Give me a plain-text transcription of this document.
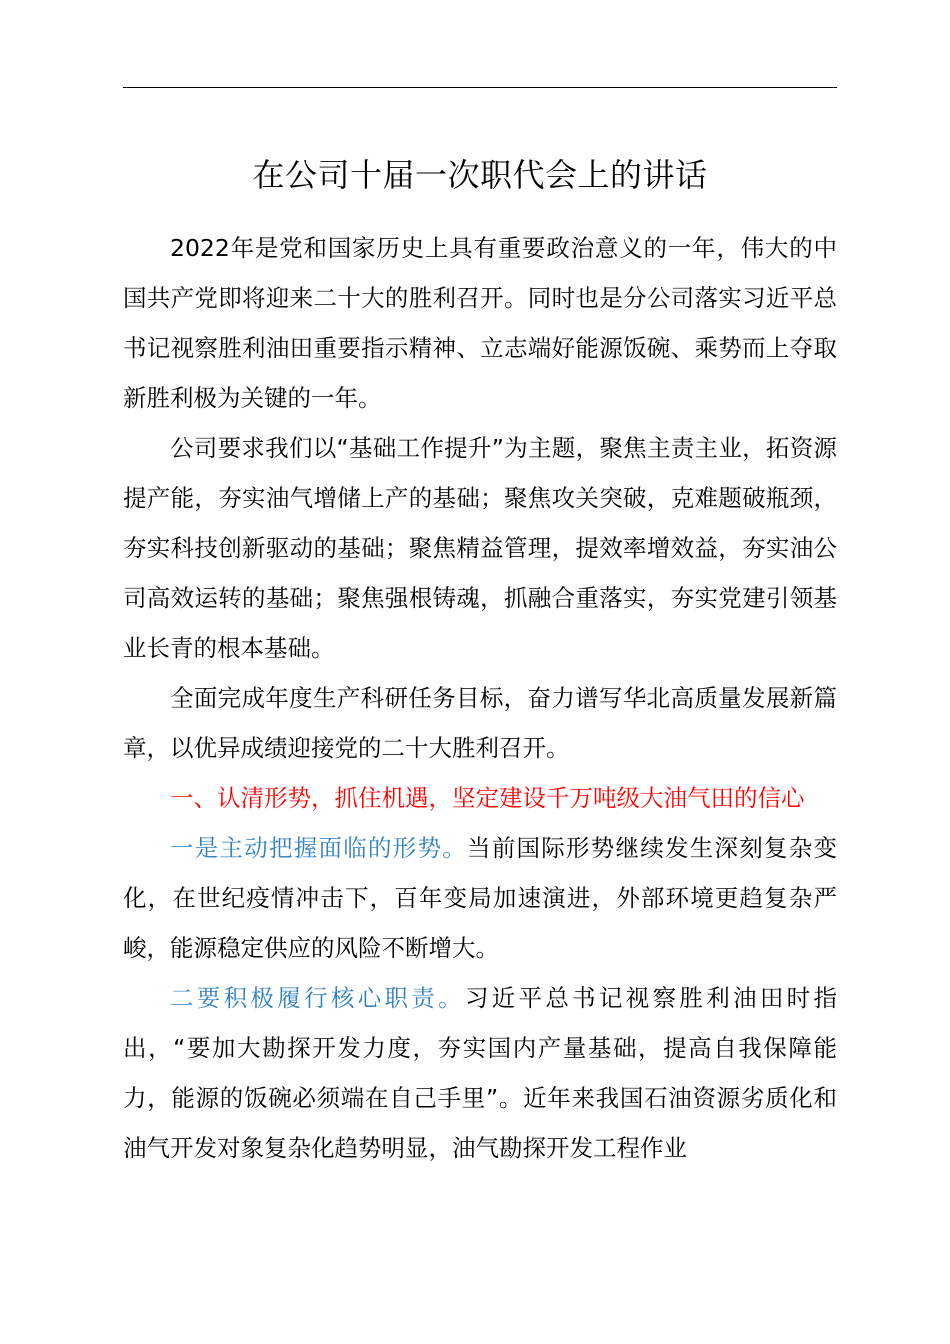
在公司十届一次职代会上的讲话

2022年是党和国家历史上具有重要政治意义的一年，伟大的中国共产党即将迎来二十大的胜利召开。同时也是分公司落实习近平总书记视察胜利油田重要指示精神、立志端好能源饭碗、乘势而上夺取新胜利极为关键的一年。

公司要求我们以“基础工作提升”为主题，聚焦主责主业，拓资源提产能，夯实油气增储上产的基础；聚焦攻关突破，克难题破瓶颈，夯实科技创新驱动的基础；聚焦精益管理，提效率增效益，夯实油公司高效运转的基础；聚焦强根铸魂，抓融合重落实，夯实党建引领基业长青的根本基础。

全面完成年度生产科研任务目标，奋力谱写华北高质量发展新篇章，以优异成绩迎接党的二十大胜利召开。

一、认清形势，抓住机遇，坚定建设千万吨级大油气田的信心

一是主动把握面临的形势。当前国际形势继续发生深刻复杂变化，在世纪疫情冲击下，百年变局加速演进，外部环境更趋复杂严峻，能源稳定供应的风险不断增大。

二要积极履行核心职责。习近平总书记视察胜利油田时指出，“要加大勘探开发力度，夯实国内产量基础，提高自我保障能力，能源的饭碗必须端在自己手里”。近年来我国石油资源劣质化和油气开发对象复杂化趋势明显，油气勘探开发工程作业
